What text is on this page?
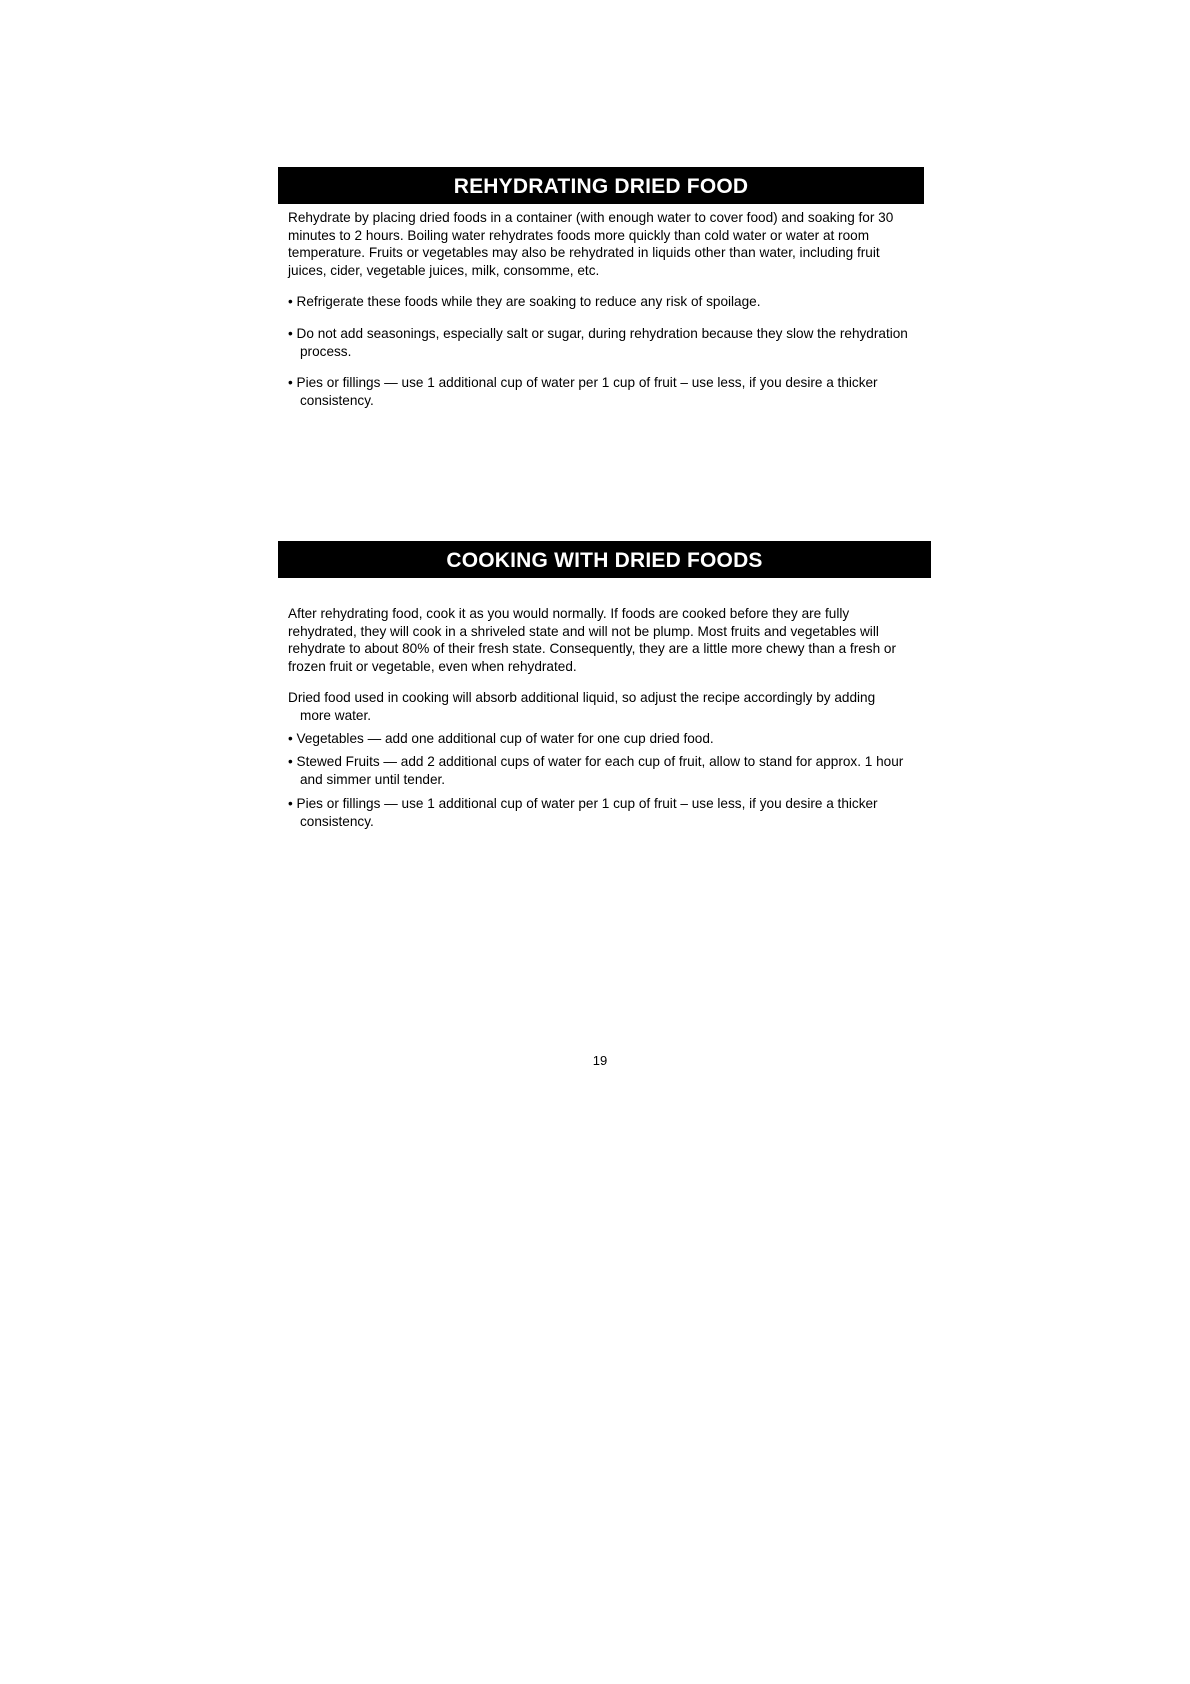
REHYDRATING DRIED FOOD

Rehydrate by placing dried foods in a container (with enough water to cover food) and soaking for 30 minutes to 2 hours. Boiling water rehydrates foods more quickly than cold water or water at room temperature. Fruits or vegetables may also be rehydrated in liquids other than water, including fruit juices, cider, vegetable juices, milk, consomme, etc.

• Refrigerate these foods while they are soaking to reduce any risk of spoilage.

• Do not add seasonings, especially salt or sugar, during rehydration because they slow the rehydration process.

• Pies or fillings — use 1 additional cup of water per 1 cup of fruit – use less, if you desire a thicker consistency.

COOKING WITH DRIED FOODS

After rehydrating food, cook it as you would normally. If foods are cooked before they are fully rehydrated, they will cook in a shriveled state and will not be plump. Most fruits and vegetables will rehydrate to about 80% of their fresh state. Consequently, they are a little more chewy than a fresh or frozen fruit or vegetable, even when rehydrated.

Dried food used in cooking will absorb additional liquid, so adjust the recipe accordingly by adding more water.

• Vegetables — add one additional cup of water for one cup dried food.

• Stewed Fruits — add 2 additional cups of water for each cup of fruit, allow to stand for approx. 1 hour and simmer until tender.

• Pies or fillings — use 1 additional cup of water per 1 cup of fruit – use less, if you desire a thicker consistency.

19
